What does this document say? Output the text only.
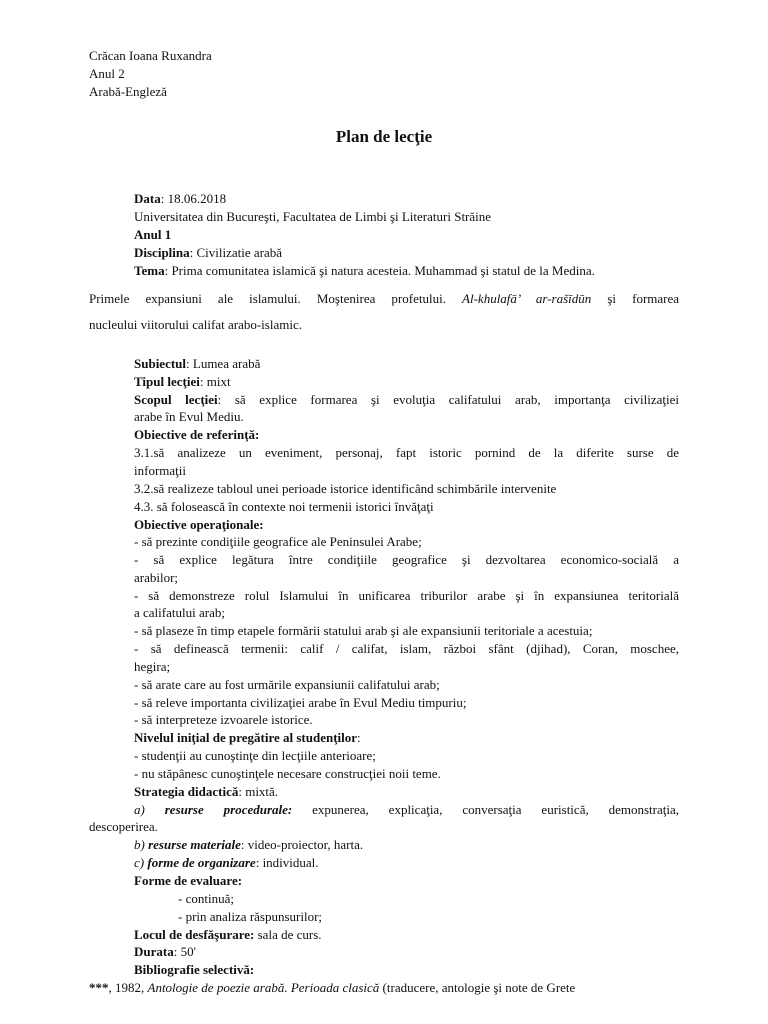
Crăcan Ioana Ruxandra
Anul 2
Arabă-Engleză
Plan de lecţie
Data: 18.06.2018
Universitatea din Bucureşti, Facultatea de Limbi şi Literaturi Străine
Anul 1
Disciplina: Civilizatie arabă
Tema: Prima comunitatea islamică şi natura acesteia. Muhammad şi statul de la Medina.
Primele expansiuni ale islamului. Moştenirea profetului. Al-khulafā’ ar-rašīdūn şi formarea
nucleului viitorului califat arabo-islamic.
Subiectul: Lumea arabă
Tipul lecţiei: mixt
Scopul lecţiei: să explice formarea şi evoluţia califatului arab, importanţa civilizaţiei
arabe în Evul Mediu.
Obiective de referinţă:
3.1.să analizeze un eveniment, personaj, fapt istoric pornind de la diferite surse de
informaţii
3.2.să realizeze tabloul unei perioade istorice identificând schimbările intervenite
4.3. să folosească în contexte noi termenii istorici învăţaţi
Obiective operaţionale:
- să prezinte condiţiile geografice ale Peninsulei Arabe;
- să explice legătura între condiţiile geografice şi dezvoltarea economico-socială a
arabilor;
- să demonstreze rolul Islamului în unificarea triburilor arabe şi în expansiunea teritorială
a califatului arab;
- să plaseze în timp etapele formării statului arab şi ale expansiunii teritoriale a acestuia;
- să definească termenii: calif / califat, islam, război sfânt (djihad), Coran, moschee,
hegira;
- să arate care au fost urmările expansiunii califatului arab;
- să releve importanta civilizaţiei arabe în Evul Mediu timpuriu;
- să interpreteze izvoarele istorice.
Nivelul iniţial de pregătire al studenţilor:
- studenţii au cunoştinţe din lecţiile anterioare;
- nu stăpânesc cunoştinţele necesare construcţiei noii teme.
Strategia didactică: mixtă.
a) resurse procedurale: expunerea, explicaţia, conversaţia euristică, demonstraţia,
descoperirea.
b) resurse materiale: video-proiector, harta.
c) forme de organizare: individual.
Forme de evaluare:
- continuă;
- prin analiza răspunsurilor;
Locul de desfăşurare: sala de curs.
Durata: 50'
Bibliografie selectivă:
***, 1982, Antologie de poezie arabă. Perioada clasică (traducere, antologie şi note de Grete
